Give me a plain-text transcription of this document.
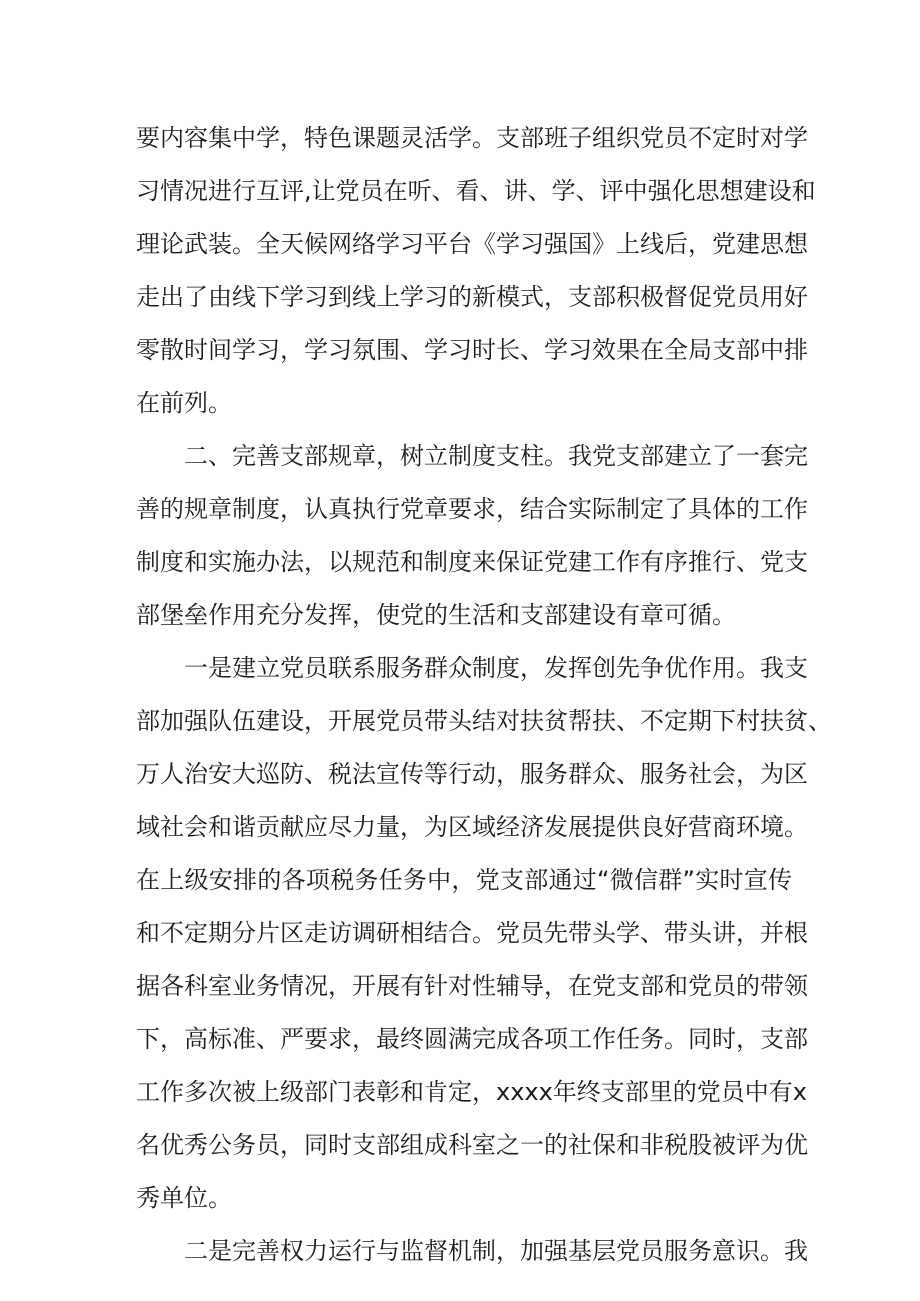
要内容集中学，特色课题灵活学。支部班子组织党员不定时对学
习情况进行互评,让党员在听、看、讲、学、评中强化思想建设和
理论武装。全天候网络学习平台《学习强国》上线后，党建思想
走出了由线下学习到线上学习的新模式，支部积极督促党员用好
零散时间学习，学习氛围、学习时长、学习效果在全局支部中排
在前列。
二、完善支部规章，树立制度支柱。我党支部建立了一套完
善的规章制度，认真执行党章要求，结合实际制定了具体的工作
制度和实施办法，以规范和制度来保证党建工作有序推行、党支
部堡垒作用充分发挥，使党的生活和支部建设有章可循。
一是建立党员联系服务群众制度，发挥创先争优作用。我支
部加强队伍建设，开展党员带头结对扶贫帮扶、不定期下村扶贫、
万人治安大巡防、税法宣传等行动，服务群众、服务社会，为区
域社会和谐贡献应尽力量，为区域经济发展提供良好营商环境。
在上级安排的各项税务任务中，党支部通过“微信群”实时宣传
和不定期分片区走访调研相结合。党员先带头学、带头讲，并根
据各科室业务情况，开展有针对性辅导，在党支部和党员的带领
下，高标准、严要求，最终圆满完成各项工作任务。同时，支部
工作多次被上级部门表彰和肯定，xxxx年终支部里的党员中有x
名优秀公务员，同时支部组成科室之一的社保和非税股被评为优
秀单位。
二是完善权力运行与监督机制，加强基层党员服务意识。我
